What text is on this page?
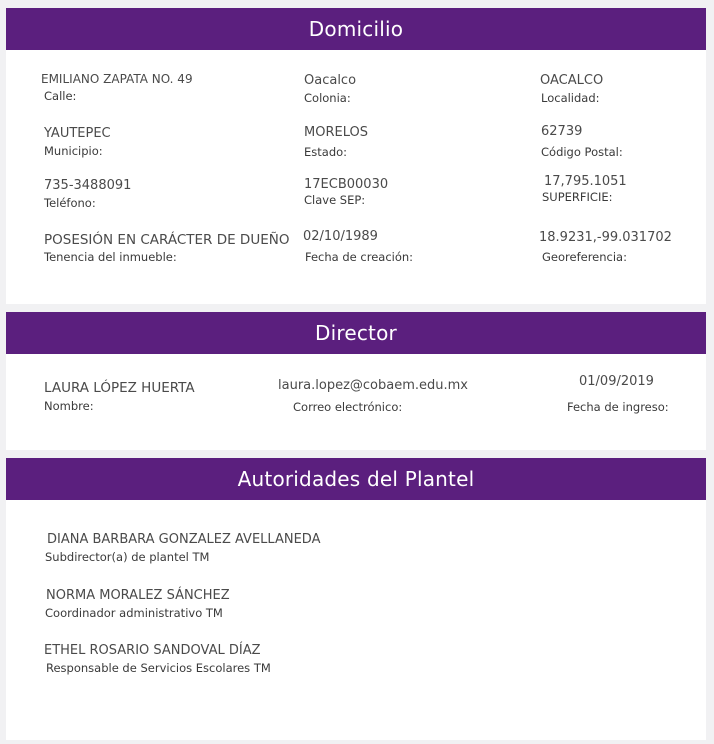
Domicilio
Director
Autoridades del Plantel
EMILIANO ZAPATA NO. 49
Calle:
Oacalco
Colonia:
OACALCO
Localidad:
YAUTEPEC
Municipio:
MORELOS
Estado:
62739
Código Postal:
735-3488091
Teléfono:
17ECB00030
Clave SEP:
17,795.1051
SUPERFICIE:
POSESIÓN EN CARÁCTER DE DUEÑO
Tenencia del inmueble:
02/10/1989
Fecha de creación:
18.9231,-99.031702
Georeferencia:
LAURA LÓPEZ HUERTA
Nombre:
laura.lopez@cobaem.edu.mx
Correo electrónico:
01/09/2019
Fecha de ingreso:
DIANA BARBARA GONZALEZ AVELLANEDA
Subdirector(a) de plantel TM
NORMA MORALEZ SÁNCHEZ
Coordinador administrativo TM
ETHEL ROSARIO SANDOVAL DÍAZ
Responsable de Servicios Escolares TM
